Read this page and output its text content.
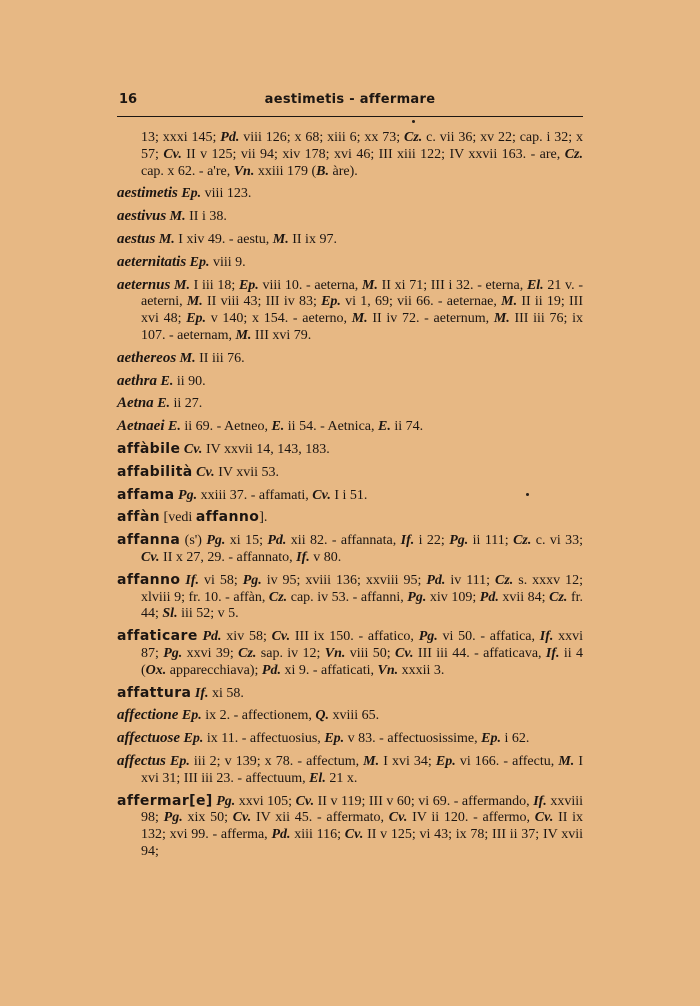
16	aestimetis - affermare
13; xxxi 145; Pd. viii 126; x 68; xiii 6; xx 73; Cz. c. vii 36; xv 22; cap. i 32; x 57; Cv. II v 125; vii 94; xiv 178; xvi 46; III xiii 122; IV xxvii 163. - are, Cz. cap. x 62. - a're, Vn. xxiii 179 (B. àre).
aestimetis Ep. viii 123.
aestivus M. II i 38.
aestus M. I xiv 49. - aestu, M. II ix 97.
aeternitatis Ep. viii 9.
aeternus M. I iii 18; Ep. viii 10. - aeterna, M. II xi 71; III i 32. - eterna, El. 21 v. - aeterni, M. II viii 43; III iv 83; Ep. vi 1, 69; vii 66. - aeternae, M. II ii 19; III xvi 48; Ep. v 140; x 154. - aeterno, M. II iv 72. - aeternum, M. III iii 76; ix 107. - aeternam, M. III xvi 79.
aethereos M. II iii 76.
aethra E. ii 90.
Aetna E. ii 27.
Aetnaei E. ii 69. - Aetneo, E. ii 54. - Aetnica, E. ii 74.
affàbile Cv. IV xxvii 14, 143, 183.
affabilità Cv. IV xvii 53.
affama Pg. xxiii 37. - affamati, Cv. I i 51.
affàn [vedi affanno].
affanna (s') Pg. xi 15; Pd. xii 82. - affannata, If. i 22; Pg. ii 111; Cz. c. vi 33; Cv. II x 27, 29. - affannato, If. v 80.
affanno If. vi 58; Pg. iv 95; xviii 136; xxviii 95; Pd. iv 111; Cz. s. xxxv 12; xlviii 9; fr. 10. - affàn, Cz. cap. iv 53. - affanni, Pg. xiv 109; Pd. xvii 84; Cz. fr. 44; Sl. iii 52; v 5.
affaticare Pd. xiv 58; Cv. III ix 150. - affatico, Pg. vi 50. - affatica, If. xxvi 87; Pg. xxvi 39; Cz. sap. iv 12; Vn. viii 50; Cv. III iii 44. - affaticava, If. ii 4 (Ox. apparecchiava); Pd. xi 9. - affaticati, Vn. xxxii 3.
affattura If. xi 58.
affectione Ep. ix 2. - affectionem, Q. xviii 65.
affectuose Ep. ix 11. - affectuosius, Ep. v 83. - affectuosissime, Ep. i 62.
affectus Ep. iii 2; v 139; x 78. - affectum, M. I xvi 34; Ep. vi 166. - affectu, M. I xvi 31; III iii 23. - affectuum, El. 21 x.
affermar[e] Pg. xxvi 105; Cv. II v 119; III v 60; vi 69. - affermando, If. xxviii 98; Pg. xix 50; Cv. IV xii 45. - affermato, Cv. IV ii 120. - affermo, Cv. II ix 132; xvi 99. - afferma, Pd. xiii 116; Cv. II v 125; vi 43; ix 78; III ii 37; IV xvii 94;
